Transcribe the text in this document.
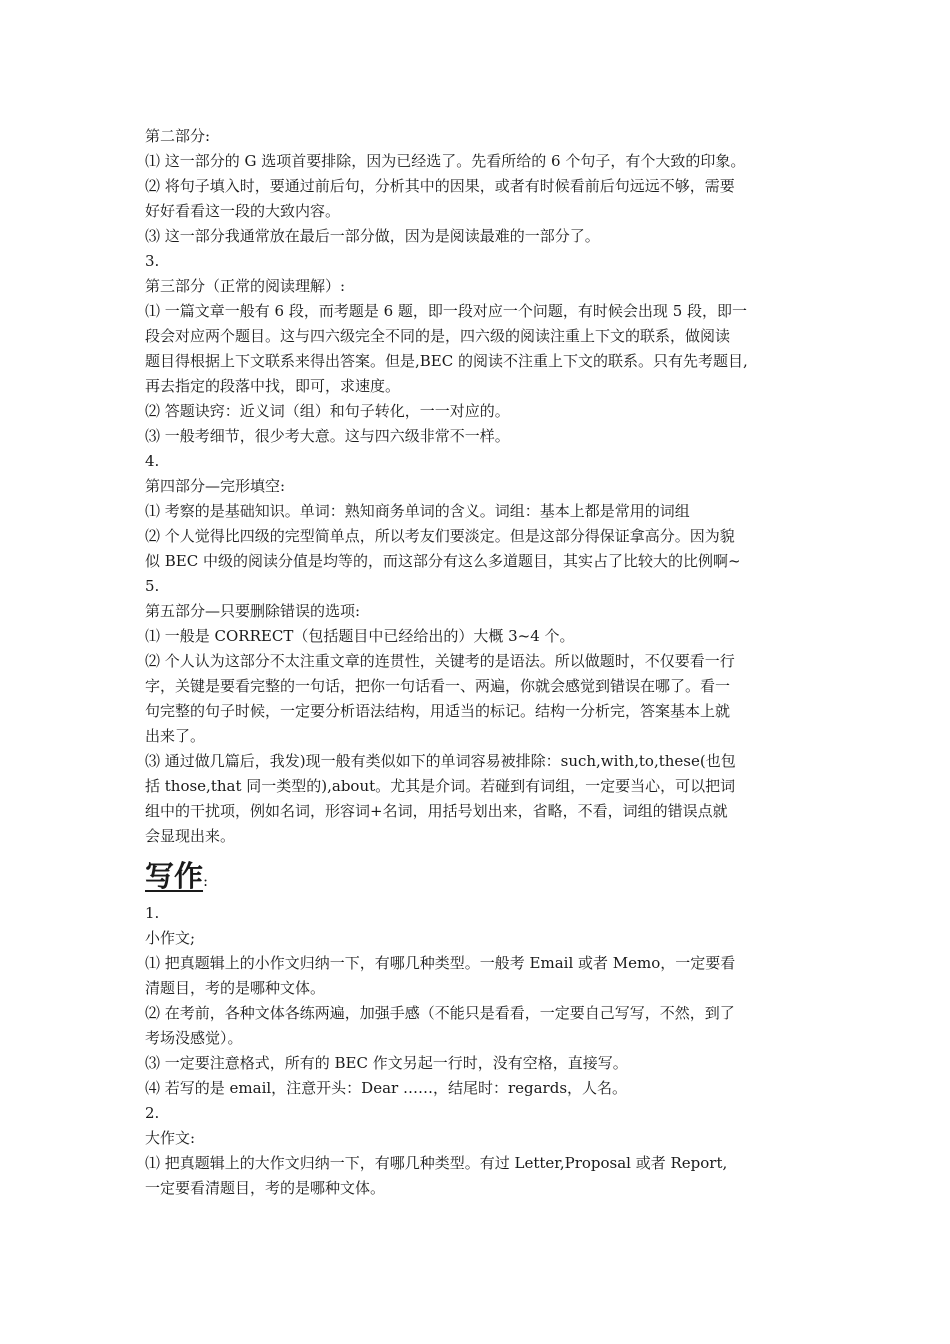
第二部分:
⑴ 这一部分的 G 选项首要排除，因为已经选了。先看所给的 6 个句子，有个大致的印象。
⑵ 将句子填入时，要通过前后句，分析其中的因果，或者有时候看前后句远远不够，需要
好好看看这一段的大致内容。
⑶ 这一部分我通常放在最后一部分做，因为是阅读最难的一部分了。
3.
第三部分（正常的阅读理解）:
⑴ 一篇文章一般有 6 段，而考题是 6 题，即一段对应一个问题，有时候会出现 5 段，即一
段会对应两个题目。这与四六级完全不同的是，四六级的阅读注重上下文的联系，做阅读
题目得根据上下文联系来得出答案。但是,BEC 的阅读不注重上下文的联系。只有先考题目,
再去指定的段落中找，即可，求速度。
⑵ 答题诀窍：近义词（组）和句子转化，一一对应的。
⑶ 一般考细节，很少考大意。这与四六级非常不一样。
4.
第四部分—完形填空:
⑴ 考察的是基础知识。单词：熟知商务单词的含义。词组：基本上都是常用的词组
⑵ 个人觉得比四级的完型简单点，所以考友们要淡定。但是这部分得保证拿高分。因为貌
似 BEC 中级的阅读分值是均等的，而这部分有这么多道题目，其实占了比较大的比例啊~
5.
第五部分—只要删除错误的选项:
⑴ 一般是 CORRECT（包括题目中已经给出的）大概 3~4 个。
⑵ 个人认为这部分不太注重文章的连贯性，关键考的是语法。所以做题时，不仅要看一行
字，关键是要看完整的一句话，把你一句话看一、两遍，你就会感觉到错误在哪了。看一
句完整的句子时候，一定要分析语法结构，用适当的标记。结构一分析完，答案基本上就
出来了。
⑶ 通过做几篇后，我发)现一般有类似如下的单词容易被排除：such,with,to,these(也包
括 those,that 同一类型的),about。尤其是介词。若碰到有词组，一定要当心，可以把词
组中的干扰项，例如名词，形容词+名词，用括号划出来，省略，不看，词组的错误点就
会显现出来。
写作:
1.
小作文;
⑴ 把真题辑上的小作文归纳一下，有哪几种类型。一般考 Email 或者 Memo，一定要看
清题目，考的是哪种文体。
⑵ 在考前，各种文体各练两遍，加强手感（不能只是看看，一定要自己写写，不然，到了
考场没感觉）。
⑶ 一定要注意格式，所有的 BEC 作文另起一行时，没有空格，直接写。
⑷ 若写的是 email，注意开头：Dear ……，结尾时：regards，人名。
2.
大作文:
⑴ 把真题辑上的大作文归纳一下，有哪几种类型。有过 Letter,Proposal 或者 Report,
一定要看清题目，考的是哪种文体。
